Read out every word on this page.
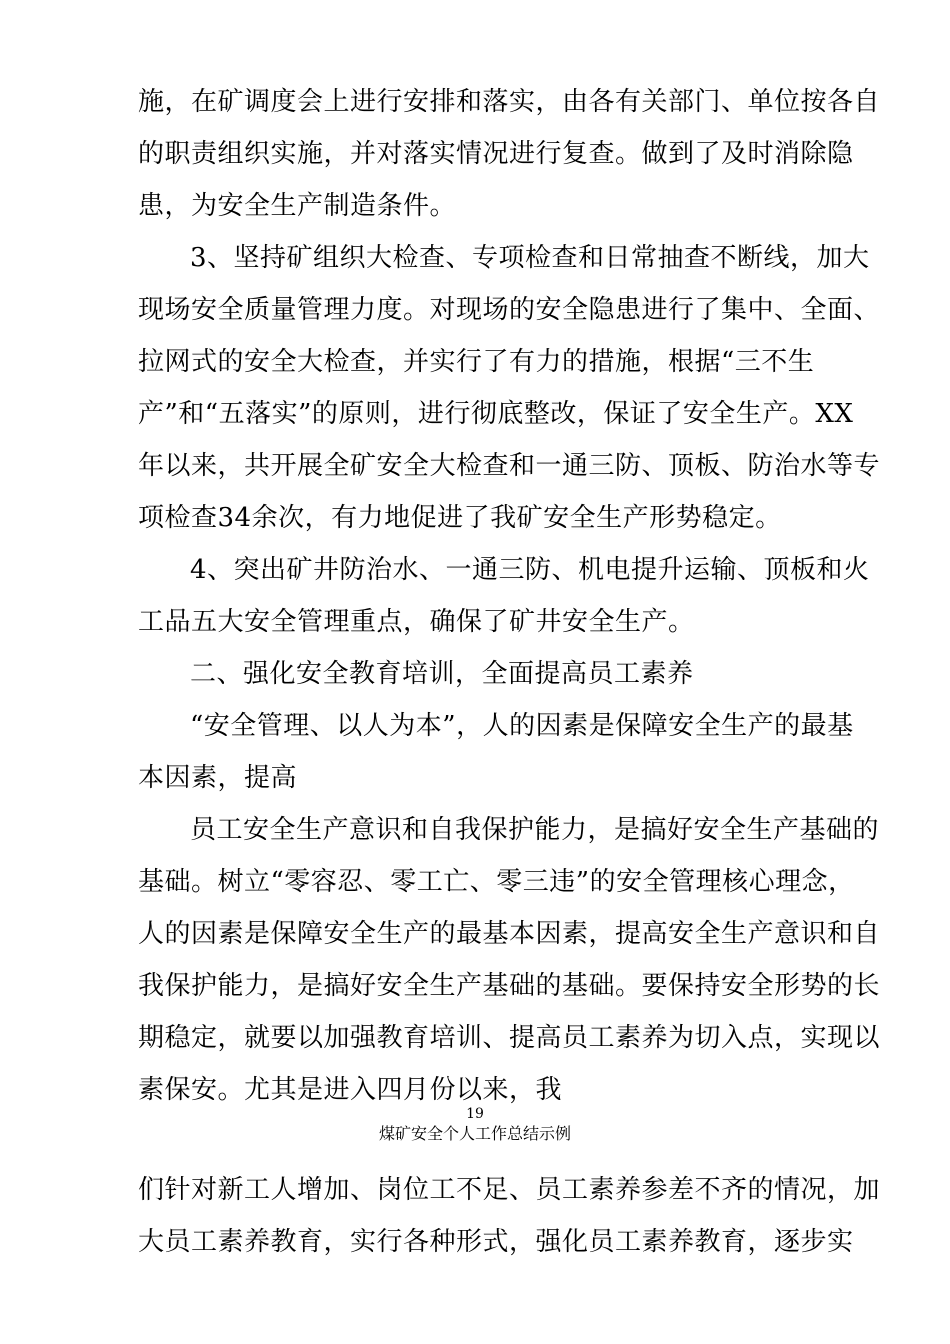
施，在矿调度会上进行安排和落实，由各有关部门、单位按各自
的职责组织实施，并对落实情况进行复查。做到了及时消除隐
患，为安全生产制造条件。
3、坚持矿组织大检查、专项检查和日常抽查不断线，加大
现场安全质量管理力度。对现场的安全隐患进行了集中、全面、
拉网式的安全大检查，并实行了有力的措施，根据“三不生
产”和“五落实”的原则，进行彻底整改，保证了安全生产。XX
年以来，共开展全矿安全大检查和一通三防、顶板、防治水等专
项检查34余次，有力地促进了我矿安全生产形势稳定。
4、突出矿井防治水、一通三防、机电提升运输、顶板和火
工品五大安全管理重点，确保了矿井安全生产。
二、强化安全教育培训，全面提高员工素养
“安全管理、以人为本”，人的因素是保障安全生产的最基
本因素，提高
员工安全生产意识和自我保护能力，是搞好安全生产基础的
基础。树立“零容忍、零工亡、零三违”的安全管理核心理念，
人的因素是保障安全生产的最基本因素，提高安全生产意识和自
我保护能力，是搞好安全生产基础的基础。要保持安全形势的长
期稳定，就要以加强教育培训、提高员工素养为切入点，实现以
素保安。尤其是进入四月份以来，我
19
煤矿安全个人工作总结示例
们针对新工人增加、岗位工不足、员工素养参差不齐的情况，加
大员工素养教育，实行各种形式，强化员工素养教育，逐步实
